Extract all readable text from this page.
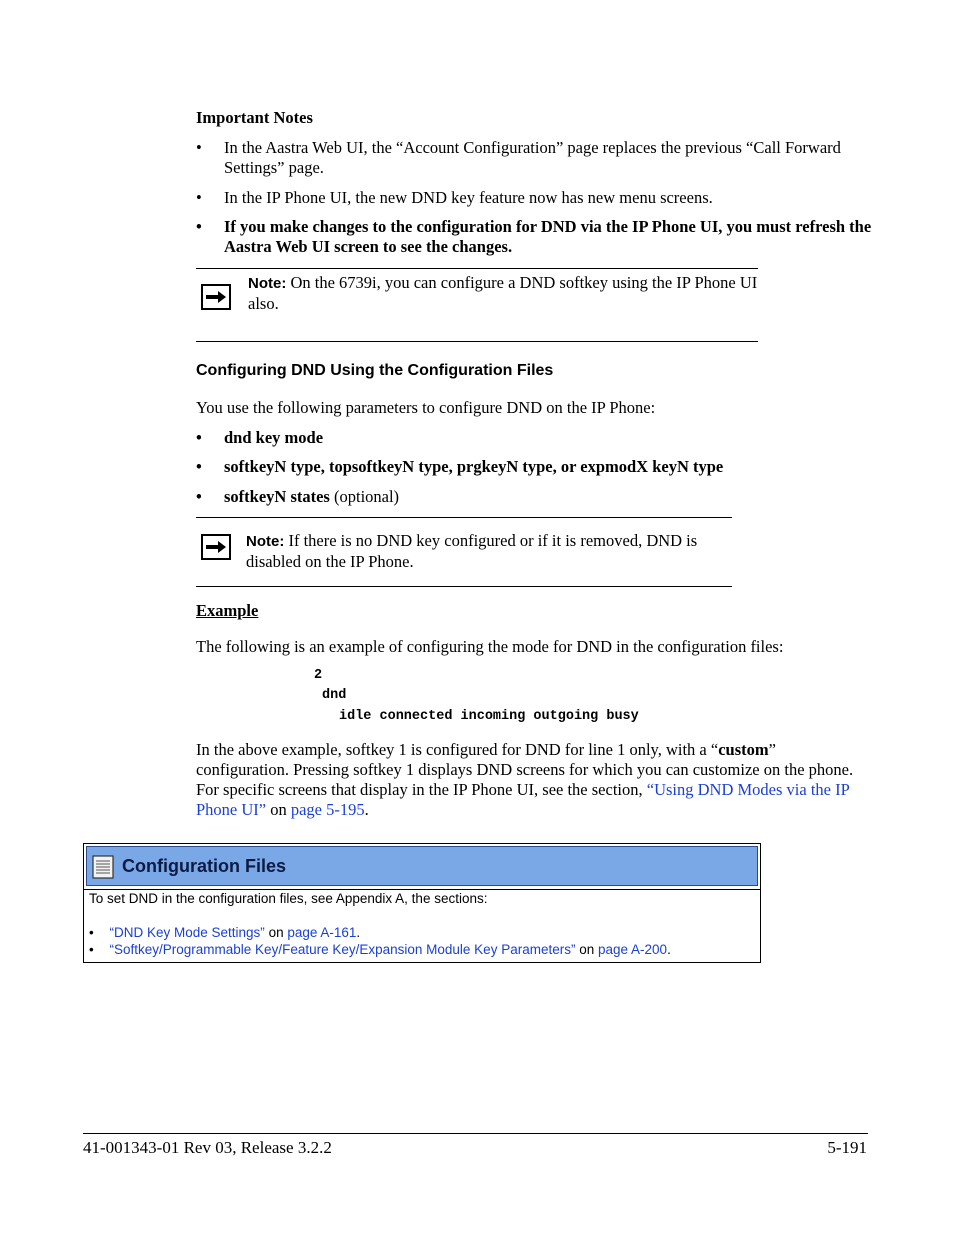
Important Notes
• In the Aastra Web UI, the “Account Configuration” page replaces the previous “Call Forward Settings” page.
• In the IP Phone UI, the new DND key feature now has new menu screens.
• If you make changes to the configuration for DND via the IP Phone UI, you must refresh the Aastra Web UI screen to see the changes.
Note: On the 6739i, you can configure a DND softkey using the IP Phone UI also.
Configuring DND Using the Configuration Files
You use the following parameters to configure DND on the IP Phone:
• dnd key mode
• softkeyN type, topsoftkeyN type, prgkeyN type, or expmodX keyN type
• softkeyN states (optional)
Note: If there is no DND key configured or if it is removed, DND is disabled on the IP Phone.
Example
The following is an example of configuring the mode for DND in the configuration files:
2
dnd
idle connected incoming outgoing busy
In the above example, softkey 1 is configured for DND for line 1 only, with a “custom” configuration. Pressing softkey 1 displays DND screens for which you can customize on the phone. For specific screens that display in the IP Phone UI, see the section, “Using DND Modes via the IP Phone UI” on page 5-195.
Configuration Files
To set DND in the configuration files, see Appendix A, the sections:
• “DND Key Mode Settings” on page A-161.
• “Softkey/Programmable Key/Feature Key/Expansion Module Key Parameters” on page A-200.
41-001343-01 Rev 03, Release 3.2.2	5-191
